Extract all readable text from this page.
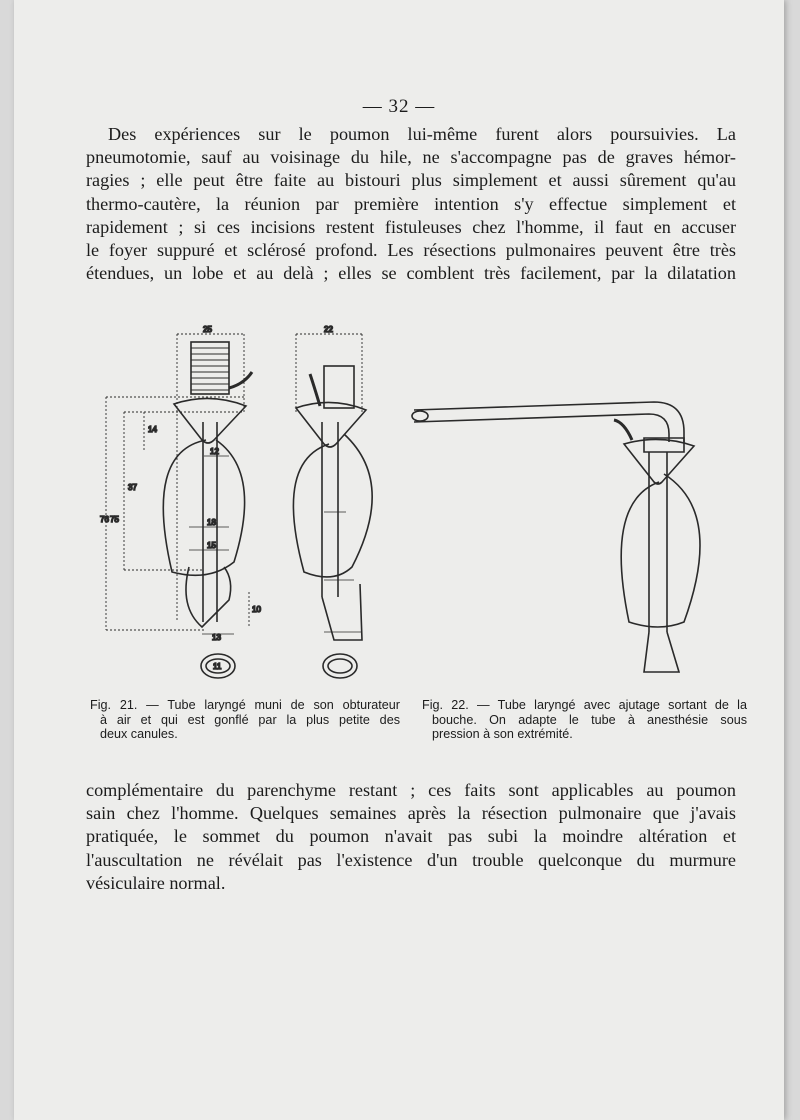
— 32 —
Des expériences sur le poumon lui-même furent alors poursuivies. La
pneumotomie, sauf au voisinage du hile, ne s'accompagne pas de graves hémor-
ragies ; elle peut être faite au bistouri plus simplement et aussi sûrement qu'au
thermo-cautère, la réunion par première intention s'y effectue simplement et
rapidement ; si ces incisions restent fistuleuses chez l'homme, il faut en accuser
le foyer suppuré et sclérosé profond. Les résections pulmonaires peuvent être très
étendues, un lobe et au delà ; elles se comblent très facilement, par la dilatation
25
14
12
18
15
10
13
11
37
76 75
22
Fig. 21. — Tube laryngé muni de son obturateur
à air et qui est gonflé par la plus petite des
deux canules.
Fig. 22. — Tube laryngé avec ajutage sortant de la
bouche. On adapte le tube à anesthésie sous
pression à son extrémité.
complémentaire du parenchyme restant ; ces faits sont applicables au poumon
sain chez l'homme. Quelques semaines après la résection pulmonaire que j'avais
pratiquée, le sommet du poumon n'avait pas subi la moindre altération et
l'auscultation ne révélait pas l'existence d'un trouble quelconque du murmure
vésiculaire normal.
